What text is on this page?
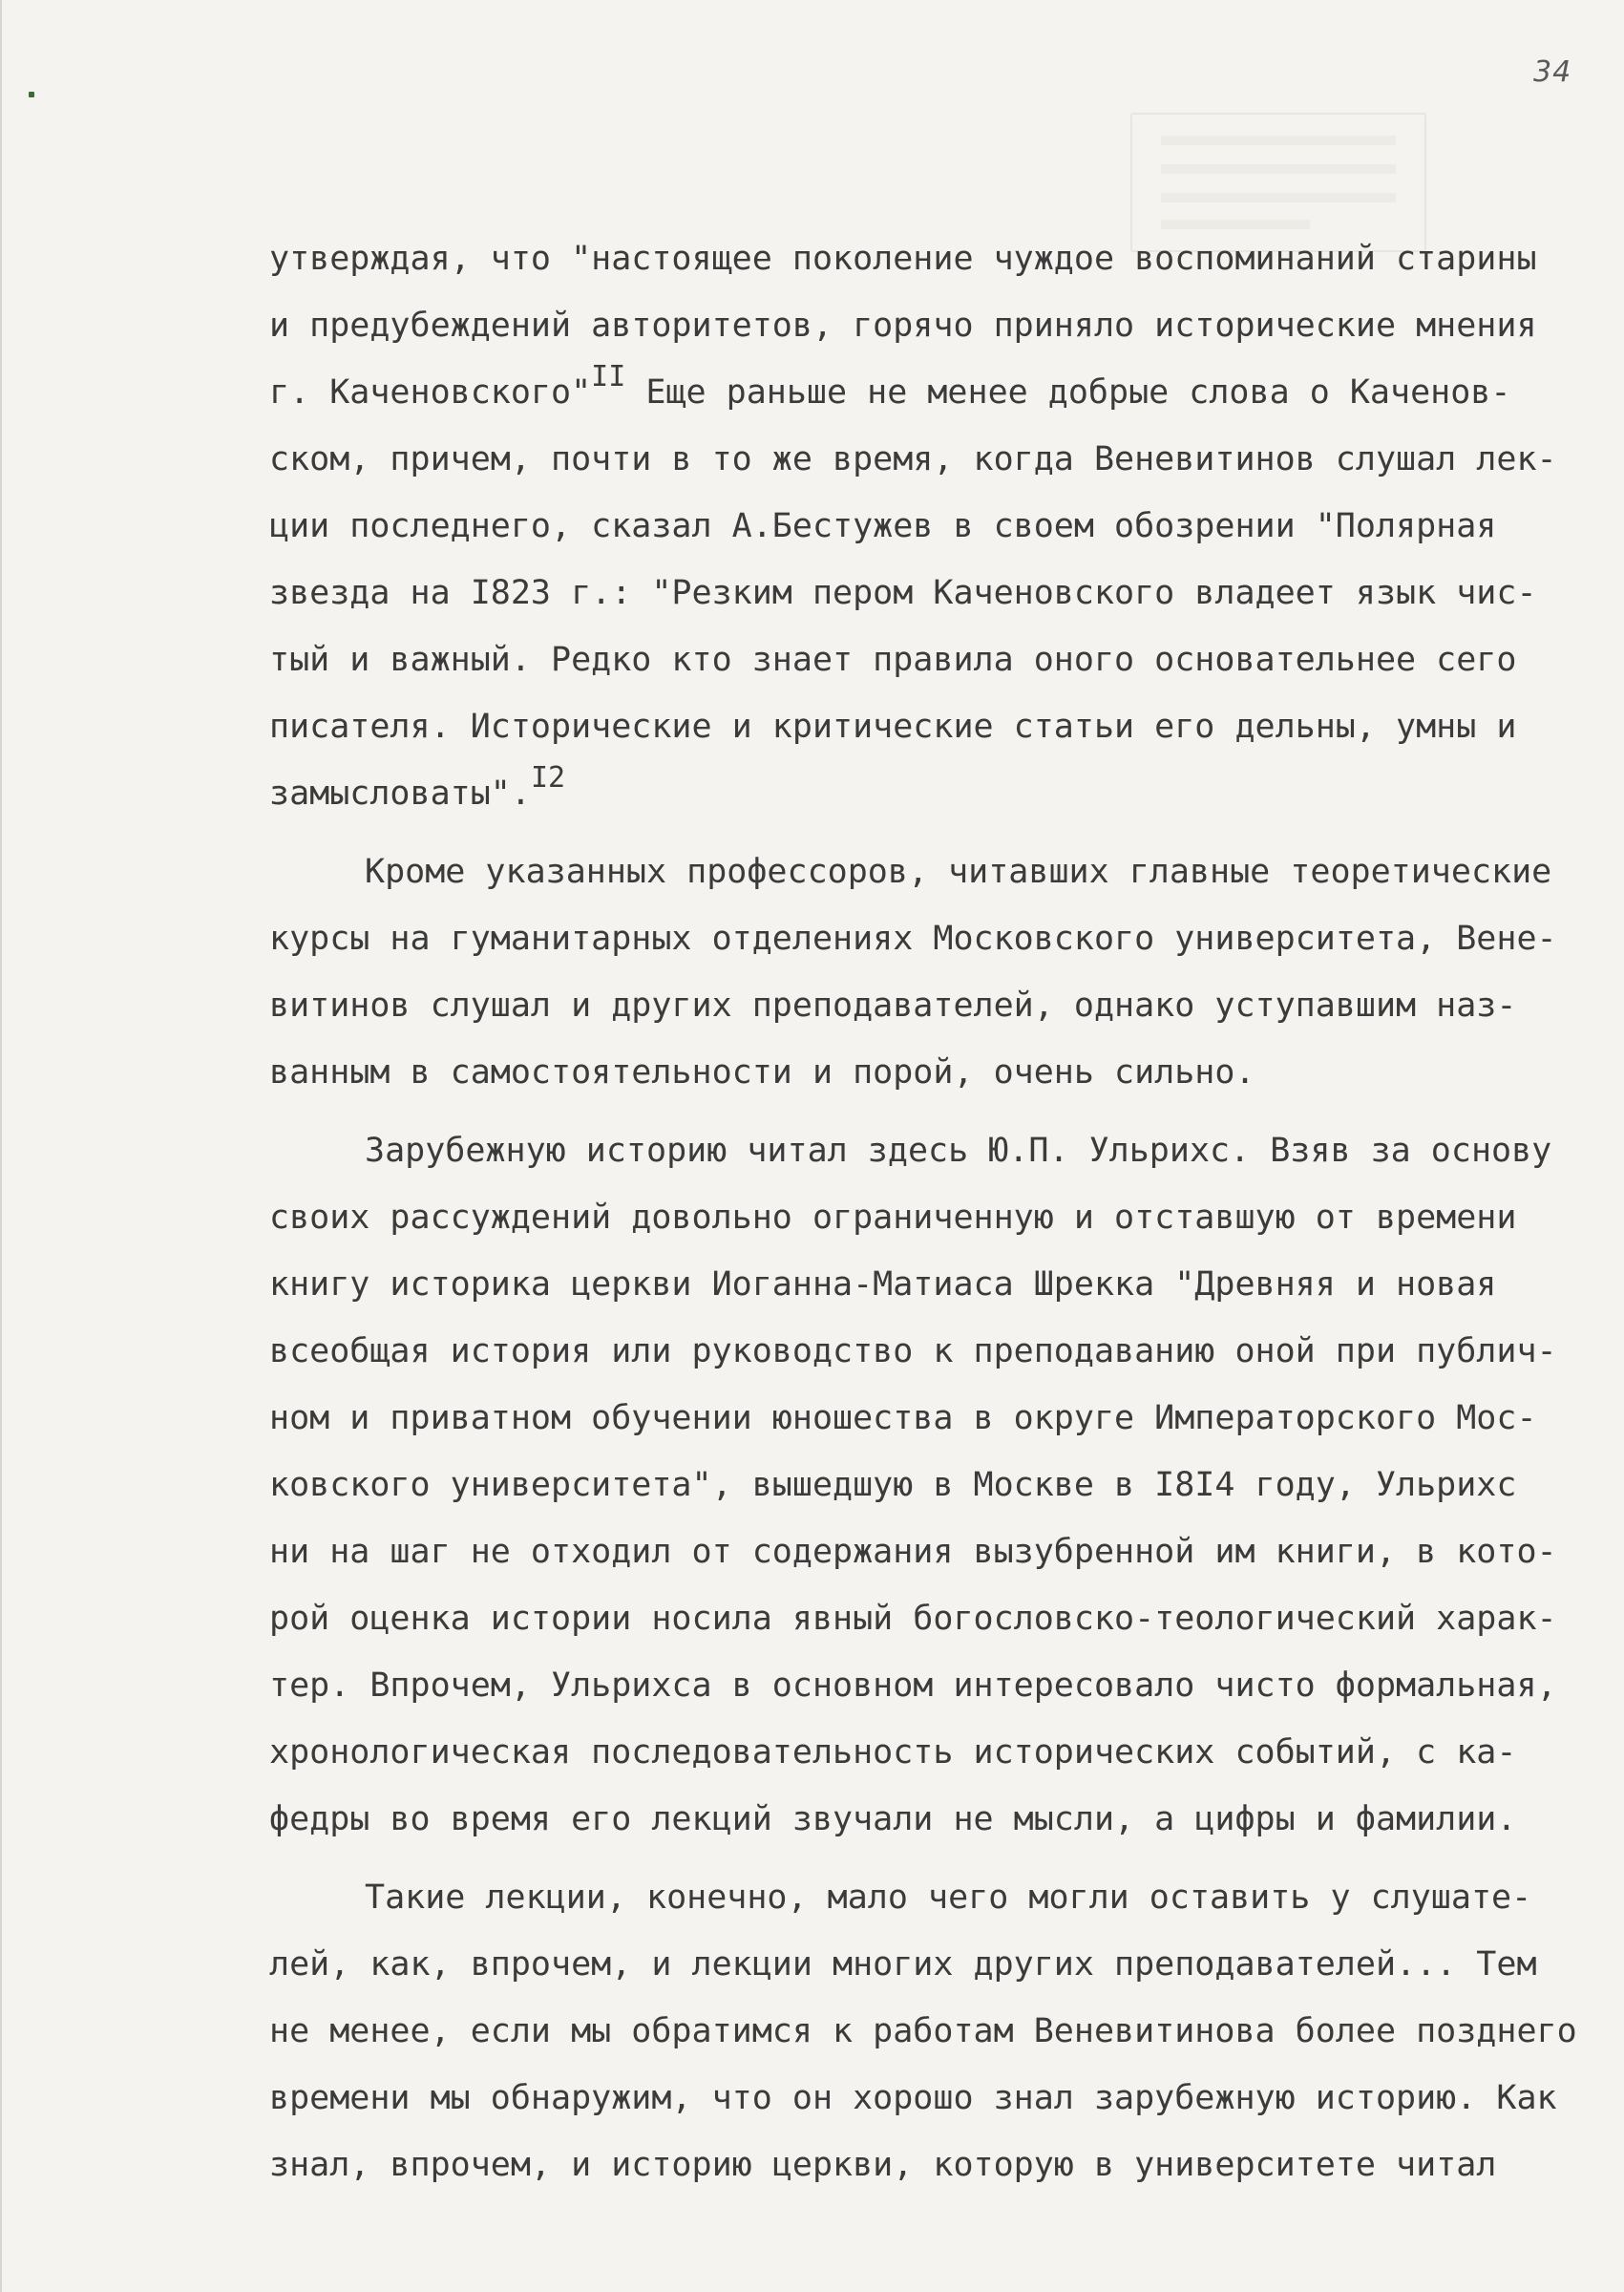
34
утверждая, что "настоящее поколение чуждое воспоминаний старины
и предубеждений авторитетов, горячо приняло исторические мнения
г. Каченовского"II Еще раньше не менее добрые слова о Каченов-
ском, причем, почти в то же время, когда Веневитинов слушал лек-
ции последнего, сказал А.Бестужев в своем обозрении "Полярная
звезда на I823 г.: "Резким пером Каченовского владеет язык чис-
тый и важный. Редко кто знает правила оного основательнее сего
писателя. Исторические и критические статьи его дельны, умны и
замысловаты".I2
Кроме указанных профессоров, читавших главные теоретические
курсы на гуманитарных отделениях Московского университета, Вене-
витинов слушал и других преподавателей, однако уступавшим наз-
ванным в самостоятельности и порой, очень сильно.
Зарубежную историю читал здесь Ю.П. Ульрихс. Взяв за основу
своих рассуждений довольно ограниченную и отставшую от времени
книгу историка церкви Иоганна-Матиаса Шрекка "Древняя и новая
всеобщая история или руководство к преподаванию оной при публич-
ном и приватном обучении юношества в округе Императорского Мос-
ковского университета", вышедшую в Москве в I8I4 году, Ульрихс
ни на шаг не отходил от содержания вызубренной им книги, в кото-
рой оценка истории носила явный богословско-теологический харак-
тер. Впрочем, Ульрихса в основном интересовало чисто формальная,
хронологическая последовательность исторических событий, с ка-
федры во время его лекций звучали не мысли, а цифры и фамилии.
Такие лекции, конечно, мало чего могли оставить у слушате-
лей, как, впрочем, и лекции многих других преподавателей... Тем
не менее, если мы обратимся к работам Веневитинова более позднего
времени мы обнаружим, что он хорошо знал зарубежную историю. Как
знал, впрочем, и историю церкви, которую в университете читал
